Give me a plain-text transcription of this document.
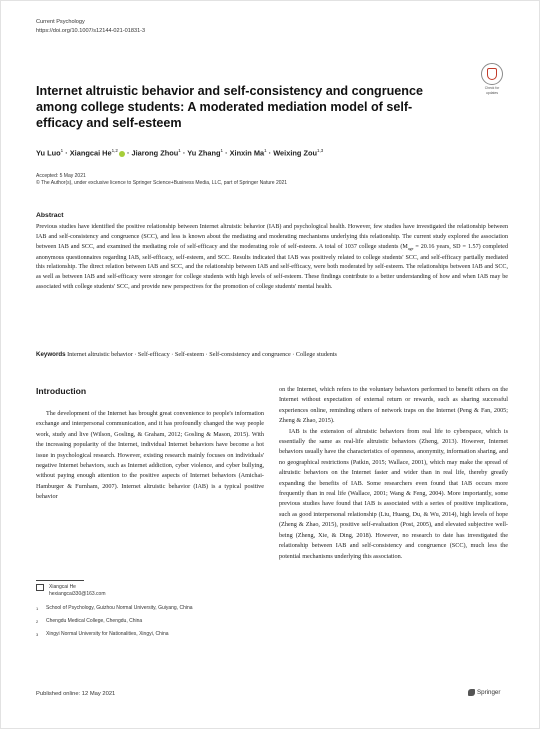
Current Psychology
https://doi.org/10.1007/s12144-021-01831-3
Check for
updates
Internet altruistic behavior and self-consistency and congruence among college students: A moderated mediation model of self-efficacy and self-esteem
Yu Luo$^1$ · Xiangcai He$^{1,2}$ · Jiarong Zhou$^1$ · Yu Zhang$^1$ · Xinxin $Ma^1$ · Weixing Zou$^{1,3}$
Accepted: 5 May 2021
© The Author(s), under exclusive licence to Springer Science+Business Media, LLC, part of Springer Nature 2021
Abstract

Previous studies have identified the positive relationship between Internet altruistic behavior (IAB) and psychological health. However, few studies have investigated the relationship between IAB and self-consistency and congruence (SCC), and less is known about the mediating and moderating mechanisms underlying this relationship. The current study explored the association between IAB and SCC, and examined the mediating role of self-efficacy and the moderating role of self-esteem. A total of 1037 college students ($M_{age} = 20.16$ years, SD = 1.57) completed anonymous questionnaires regarding IAB, self-efficacy, self-esteem, and SCC. Results indicated that IAB was positively related to college students' SCC, and self-efficacy partially mediated this relationship. The direct relation between IAB and SCC, and the relationship between IAB and self-efficacy, were both moderated by self-esteem. The relationships between IAB and SCC, as well as between IAB and self-efficacy were stronger for college students with high levels of self-esteem. These findings contribute to a better understanding of how and when IAB may be associated with college students' SCC, and provide new perspectives for the promotion of college students' mental health.

Keywords Internet altruistic behavior · Self-efficacy · Self-esteem · Self-consistency and congruence · College students
Introduction

The development of the Internet has brought great convenience to people's information exchange and interpersonal communication, and it has profoundly changed the way people work, study and live (Wilson, Gosling, & Graham, 2012; Gosling & Mason, 2015). With the increasing popularity of the Internet, individual Internet behaviors have become a hot issue in psychological research. However, existing research mainly focuses on individuals' negative Internet behaviors, such as Internet addiction, cyber violence, and cyber bullying, without paying enough attention to the positive aspects of Internet behaviors (Amichai-Hamburger & Furnham, 2007). Internet altruistic behavior (IAB) is a typical positive behavior

on the Internet, which refers to the voluntary behaviors performed to benefit others on the Internet without expectation of external return or rewards, such as sharing successful experiences online, reminding others of network traps on the Internet (Peng & Fan, 2005; Zheng & Zhao, 2015).

IAB is the extension of altruistic behaviors from real life to cyberspace, which is essentially the same as real-life altruistic behaviors (Zheng, 2013). However, Internet behaviors usually have the characteristics of openness, anonymity, information sharing, and no geographical restrictions (Patkin, 2015; Wallace, 2001), which may make the spread of altruistic behaviors on the Internet faster and wider than in real life, thereby greatly expanding the benefits of IAB. Some researchers even found that IAB occurs more frequently than in real life (Wallace, 2001; Wang & Feng, 2004). More importantly, some previous studies have found that IAB is associated with a series of positive implications, such as good interpersonal relationship (Liu, Huang, Du, & Wu, 2014), high levels of hope (Zheng & Zhao, 2015), positive self-evaluation (Post, 2005), and elevated subjective well-being (Zheng, Xie, & Ding, 2018). However, no research to date has investigated the relationship between IAB and self-consistency and congruence (SCC), much less the potential mechanisms underlying this association.

Xiangcai He
hexiangcai330@163.com
1	School of Psychology, Guizhou Normal University, Guiyang, China
2	Chengdu Medical College, Chengdu, China
3	Xingyi Normal University for Nationalities, Xingyi, China
Published online: 12 May 2021	Springer
